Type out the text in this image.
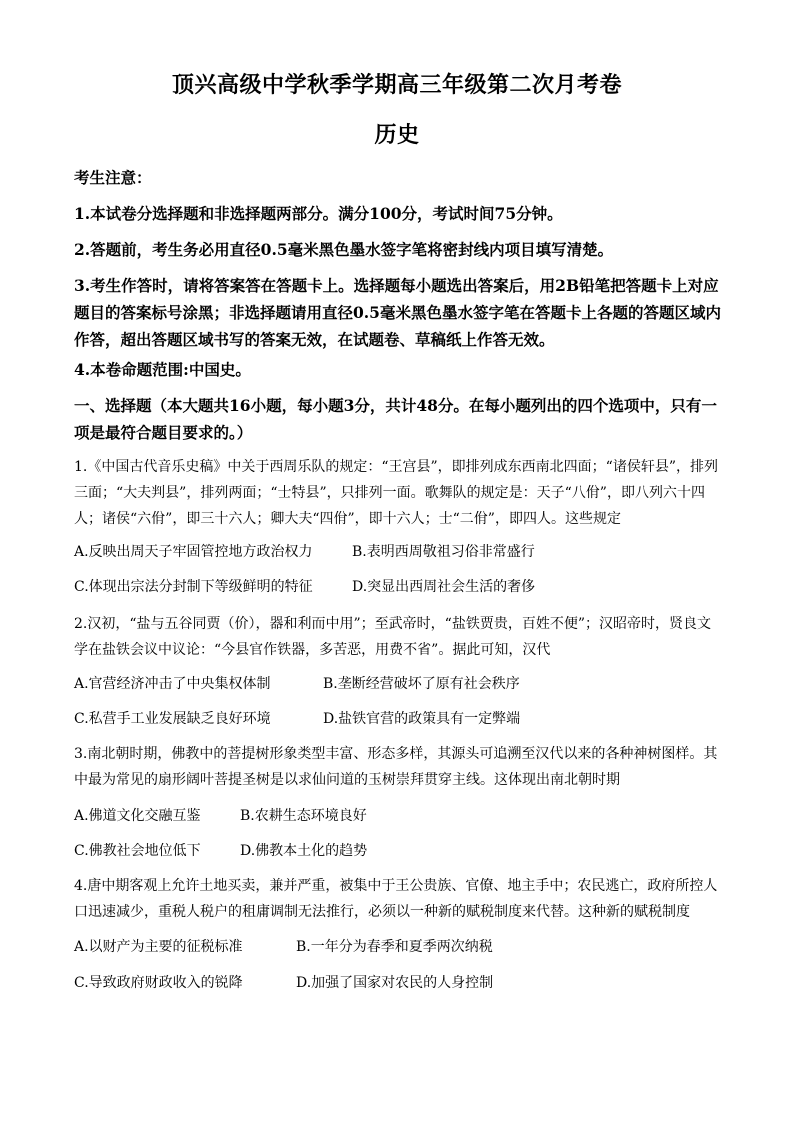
顶兴高级中学秋季学期高三年级第二次月考卷
历史
考生注意：
1.本试卷分选择题和非选择题两部分。满分100分，考试时间75分钟。
2.答题前，考生务必用直径0.5毫米黑色墨水签字笔将密封线内项目填写清楚。
3.考生作答时，请将答案答在答题卡上。选择题每小题选出答案后，用2B铅笔把答题卡上对应题目的答案标号涂黑；非选择题请用直径0.5毫米黑色墨水签字笔在答题卡上各题的答题区域内作答，超出答题区域书写的答案无效，在试题卷、草稿纸上作答无效。
4.本卷命题范围:中国史。
一、选择题（本大题共16小题，每小题3分，共计48分。在每小题列出的四个选项中，只有一项是最符合题目要求的。）
1.《中国古代音乐史稿》中关于西周乐队的规定：“王宫县”，即排列成东西南北四面；“诸侯轩县”，排列三面；“大夫判县”，排列两面；“士特县”，只排列一面。歌舞队的规定是：天子“八佾”，即八列六十四人；诸侯“六佾”，即三十六人；卿大夫“四佾”，即十六人；士“二佾”，即四人。这些规定
A.反映出周天子牢固管控地方政治权力	B.表明西周敬祖习俗非常盛行
C.体现出宗法分封制下等级鲜明的特征	D.突显出西周社会生活的奢侈
2.汉初，“盐与五谷同贾（价），器和利而中用”；至武帝时，“盐铁贾贵，百姓不便”；汉昭帝时，贤良文学在盐铁会议中议论：“今县官作铁器，多苦恶，用费不省”。据此可知，汉代
A.官营经济冲击了中央集权体制	B.垄断经营破坏了原有社会秩序
C.私营手工业发展缺乏良好环境	D.盐铁官营的政策具有一定弊端
3.南北朝时期，佛教中的菩提树形象类型丰富、形态多样，其源头可追溯至汉代以来的各种神树图样。其中最为常见的扇形阔叶菩提圣树是以求仙问道的玉树崇拜贯穿主线。这体现出南北朝时期
A.佛道文化交融互鉴	B.农耕生态环境良好
C.佛教社会地位低下	D.佛教本土化的趋势
4.唐中期客观上允许土地买卖，兼并严重，被集中于王公贵族、官僚、地主手中；农民逃亡，政府所控人口迅速减少，重税人税户的租庸调制无法推行，必须以一种新的赋税制度来代替。这种新的赋税制度
A.以财产为主要的征税标准	B.一年分为春季和夏季两次纳税
C.导致政府财政收入的锐降	D.加强了国家对农民的人身控制
